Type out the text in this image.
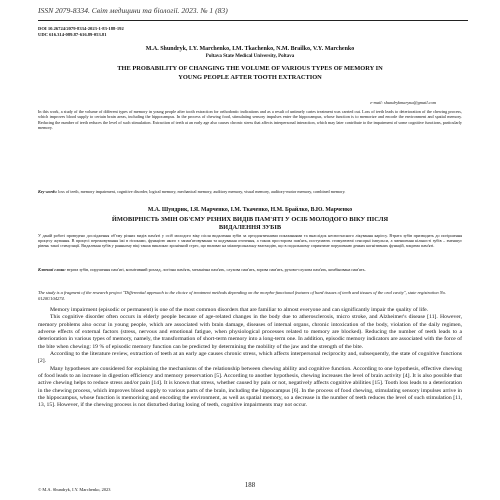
ISSN 2079-8334. Світ медицини та біології. 2023. № 1 (83)
DOI 10.26724/2079-8334-2023-1-83-188-192
UDC 616.314-089.87-616.89-053.81
M.A. Shundryk, I.Y. Marchenko, I.M. Tkachenko, N.M. Brailko, V.Y. Marchenko
Poltava State Medical University, Poltava
THE PROBABILITY OF CHANGING THE VOLUME OF VARIOUS TYPES OF MEMORY IN YOUNG PEOPLE AFTER TOOTH EXTRACTION
e-mail: shundrykmaryna@gmail.com
In this work, a study of the volume of different types of memory in young people after tooth extraction for orthodontic indications and as a result of untimely caries treatment was carried out. Loss of teeth leads to deterioration of the chewing process, which improves blood supply to certain brain areas, including the hippocampus. In the process of chewing food, stimulating sensory impulses enter the hippocampus, whose function is to memorize and encode the environment and spatial memory. Reducing the number of teeth reduces the level of such stimulation. Extraction of teeth at an early age also causes chronic stress that affects interpersonal interaction, which may later contribute to the impairment of some cognitive functions, particularly memory.
Key words: loss of teeth, memory impairment, cognitive disorder, logical memory, mechanical memory, auditory memory, visual memory, auditory-motor memory, combined memory.
М.А. Шундрик, І.Я. Марченко, І.М. Ткаченко, Н.М. Брайлко, В.Ю. Марченко
ЙМОВІРНІСТЬ ЗМІН ОБ'ЄМУ РІЗНИХ ВИДІВ ПАМ'ЯТІ У ОСІБ МОЛОДОГО ВІКУ ПІСЛЯ ВИДАЛЕННЯ ЗУБІВ
У даній роботі проведено дослідження об'єму різних видів пам'яті у осіб молодого віку після видалення зубів за ортодонтичними показаннями та внаслідок несвоєчасного лікування карієсу. Втрата зубів призводить до погіршення процесу жування. В процесі пережовування їжі в гіпокамп, функцією якого є запам'ятовування та кодування оточення, а також просторова пам'ять, поступають стимулюючі сенсорні імпульси, а зменшення кількості зубів – зменшує рівень такої стимуляції. Видалення зубів у ранньому віці також викликає хронічний стрес, що впливає на міжперсональну взаємодію, що в подальшому сприятиме порушенню деяких когнітивних функцій, зокрема пам'яті.
Ключові слова: втрата зубів, порушення пам'яті, когнітивний розлад, логічна пам'ять, механічна пам'ять, слухова пам'ять, зорова пам'ять, рухово-слухова пам'ять, комбінована пам'ять.
The study is a fragment of the research project "Differential approach to the choice of treatment methods depending on the morpho-functional features of hard tissues of teeth and tissues of the oral cavity", state registration No. 0120U104274.

Memory impairment (episodic or permanent) is one of the most common disorders that are familiar to almost everyone and can significantly impair the quality of life.

This cognitive disorder often occurs in elderly people because of age-related changes in the body due to atherosclerosis, micro stroke, and Alzheimer's disease [11]. However, memory problems also occur in young people, which are associated with brain damage, diseases of internal organs, chronic intoxication of the body, violation of the daily regimen, adverse effects of external factors (stress, nervous and emotional fatigue, when physiological processes related to memory are blocked). Reducing the number of teeth leads to a deterioration in various types of memory, namely, the transformation of short-term memory into a long-term one. In addition, episodic memory indicators are associated with the force of the bite when chewing: 19 % of episodic memory function can be predicted by determining the mobility of the jaw and the strength of the bite.

According to the literature review, extraction of teeth at an early age causes chronic stress, which affects interpersonal reciprocity and, subsequently, the state of cognitive functions [2].

Many hypotheses are considered for explaining the mechanisms of the relationship between chewing ability and cognitive function. According to one hypothesis, effective chewing of food leads to an increase in digestion efficiency and memory preservation [5]. According to another hypothesis, chewing increases the level of brain activity [4]. It is also possible that active chewing helps to reduce stress and/or pain [14]. It is known that stress, whether caused by pain or not, negatively affects cognitive abilities [15]. Tooth loss leads to a deterioration in the chewing process, which improves blood supply to various parts of the brain, including the hippocampus [6]. In the process of food chewing, stimulating sensory impulses arrive in the hippocampus, whose function is memorising and encoding the environment, as well as spatial memory, so a decrease in the number of teeth reduces the level of such stimulation [11, 13, 15]. However, if the chewing process is not disturbed during losing of teeth, cognitive impairments may not occur.

© M.A. Shundryk, I.Y. Marchenko, 2023
188
